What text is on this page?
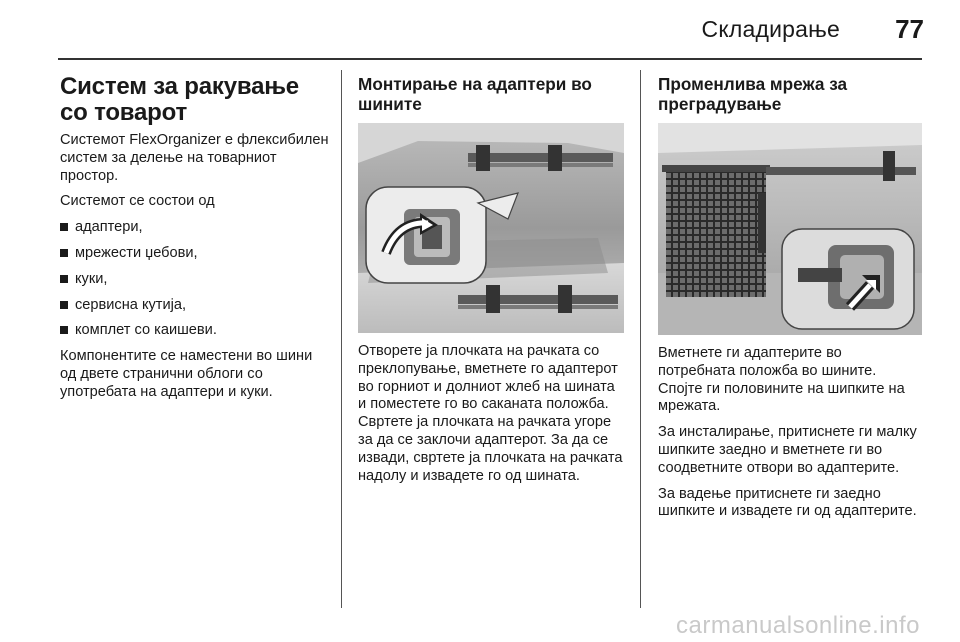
Складирање 77
Систем за ракување со товарот

Системот FlexOrganizer е флексибилен систем за делење на товарниот простор.

Системот се состои од

адаптери,
мрежести џебови,
куки,
сервисна кутија,
комплет со каишеви.

Компонентите се наместени во шини од двете странични облоги со употребата на адаптери и куки.

Монтирање на адаптери во шините

Отворете ја плочката на рачката со преклопување, вметнете го адаптерот во горниот и долниот жлеб на шината и поместете го во саканата положба. Свртете ја плочката на рачката угоре за да се заклочи адаптерот. За да се извади, свртете ја плочката на рачката надолу и извадете го од шината.

Променлива мрежа за преградување

Вметнете ги адаптерите во потребната положба во шините. Спојте ги половините на шипките на мрежата.

За инсталирање, притиснете ги малку шипките заедно и вметнете ги во соодветните отвори во адаптерите.

За вадење притиснете ги заедно шипките и извадете ги од адаптерите.

carmanualsonline.info
